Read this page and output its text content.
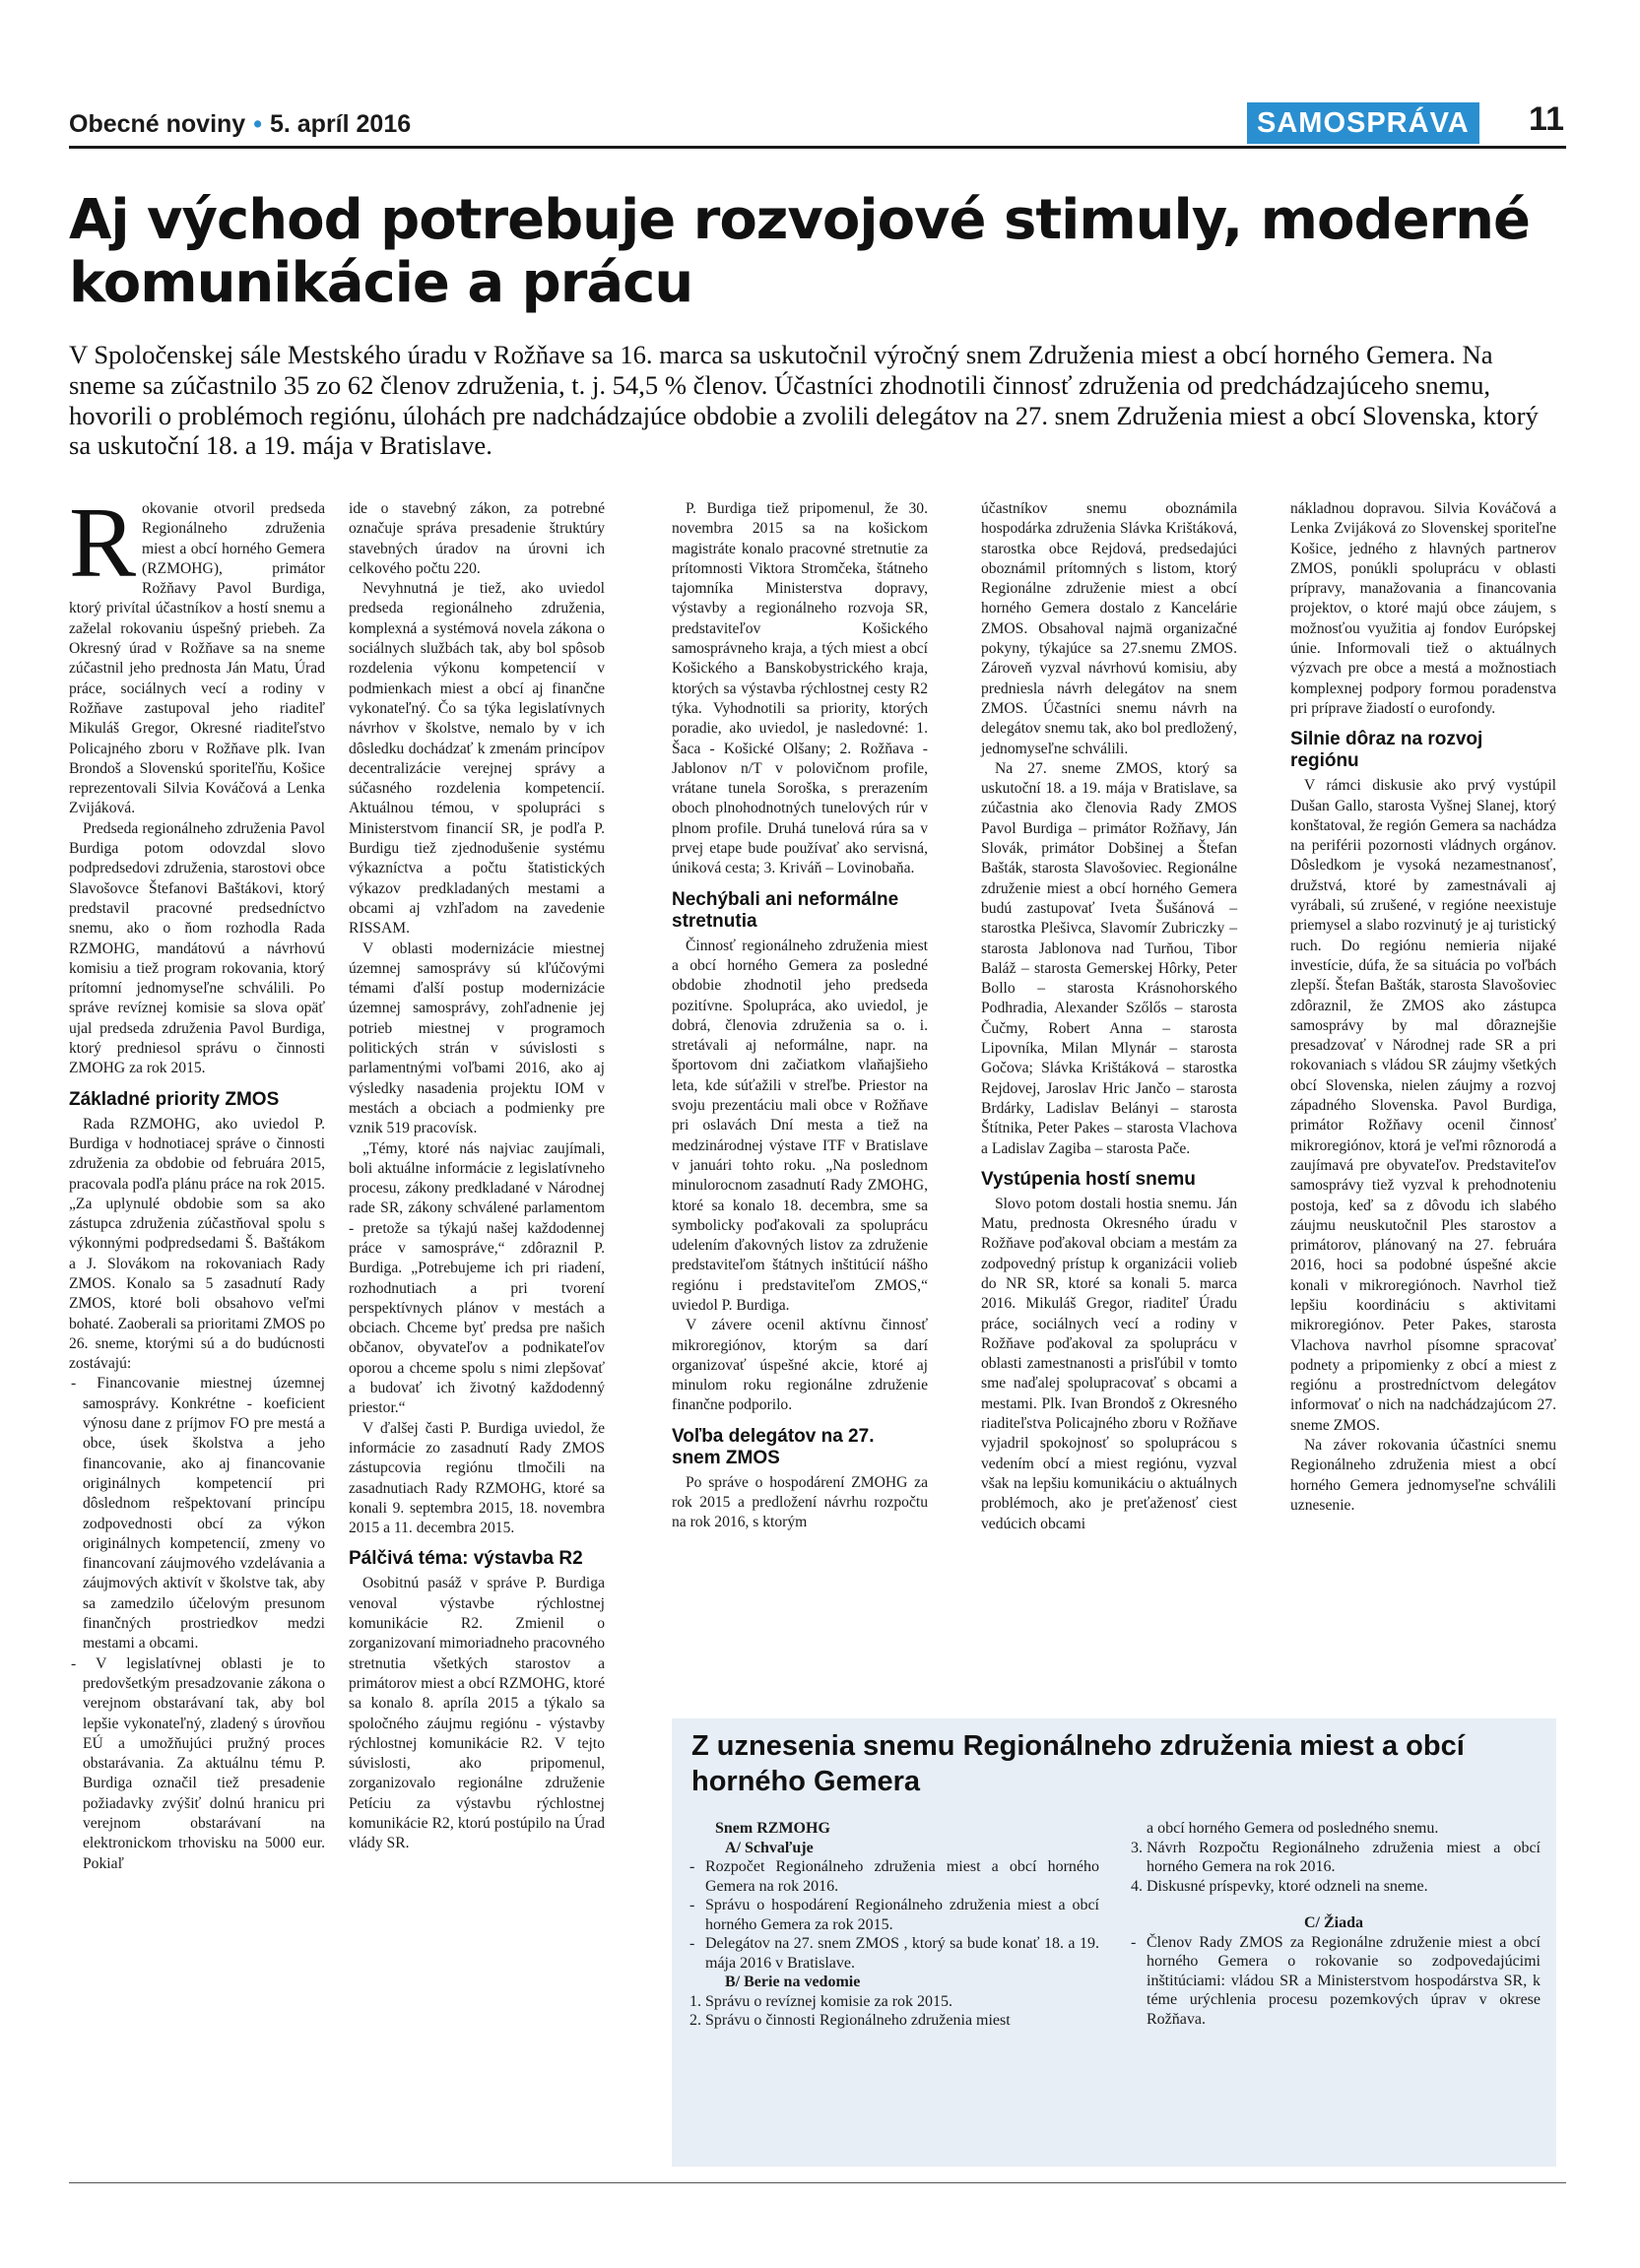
Obecné noviny • 5. apríl 2016	SAMOSPRÁVA 11
Aj východ potrebuje rozvojové stimuly, moderné komunikácie a prácu

V Spoločenskej sále Mestského úradu v Rožňave sa 16. marca sa uskutočnil výročný snem Združenia miest a obcí horného Gemera. Na sneme sa zúčastnilo 35 zo 62 členov združenia, t. j. 54,5 % členov. Účastníci zhodnotili činnosť združenia od predchádzajúceho snemu, hovorili o problémoch regiónu, úlohách pre nadchádzajúce obdobie a zvolili delegátov na 27. snem Združenia miest a obcí Slovenska, ktorý sa uskutoční 18. a 19. mája v Bratislave.

Rokovanie otvoril predseda Regionálneho združenia miest a obcí horného Gemera (RZMOHG), primátor Rožňavy Pavol Burdiga, ktorý privítal účastníkov a hostí snemu a zaželal rokovaniu úspešný priebeh. Za Okresný úrad v Rožňave sa na sneme zúčastnil jeho prednosta Ján Matu, Úrad práce, sociálnych vecí a rodiny v Rožňave zastupoval jeho riaditeľ Mikuláš Gregor, Okresné riaditeľstvo Policajného zboru v Rožňave plk. Ivan Brondoš a Slovenskú sporiteľňu, Košice reprezentovali Silvia Kováčová a Lenka Zvijáková.

Predseda regionálneho združenia Pavol Burdiga potom odovzdal slovo podpredsedovi združenia, starostovi obce Slavošovce Štefanovi Baštákovi, ktorý predstavil pracovné predsedníctvo snemu, ako o ňom rozhodla Rada RZMOHG, mandátovú a návrhovú komisiu a tiež program rokovania, ktorý prítomní jednomyseľne schválili. Po správe revíznej komisie sa slova opäť ujal predseda združenia Pavol Burdiga, ktorý predniesol správu o činnosti ZMOHG za rok 2015.

Základné priority ZMOS

Rada RZMOHG, ako uviedol P. Burdiga v hodnotiacej správe o činnosti združenia za obdobie od februára 2015, pracovala podľa plánu práce na rok 2015. „Za uplynulé obdobie som sa ako zástupca združenia zúčastňoval spolu s výkonnými podpredsedami Š. Baštákom a J. Slovákom na rokovaniach Rady ZMOS. Konalo sa 5 zasadnutí Rady ZMOS, ktoré boli obsahovo veľmi bohaté. Zaoberali sa prioritami ZMOS po 26. sneme, ktorými sú a do budúcnosti zostávajú:

- Financovanie miestnej územnej samosprávy. Konkrétne - koeficient výnosu dane z príjmov FO pre mestá a obce, úsek školstva a jeho financovanie, ako aj financovanie originálnych kompetencií pri dôslednom rešpektovaní princípu zodpovednosti obcí za výkon originálnych kompetencií, zmeny vo financovaní záujmového vzdelávania a záujmových aktivít v školstve tak, aby sa zamedzilo účelovým presunom finančných prostriedkov medzi mestami a obcami.
- V legislatívnej oblasti je to predovšetkým presadzovanie zákona o verejnom obstarávaní tak, aby bol lepšie vykonateľný, zladený s úrovňou EÚ a umožňujúci pružný proces obstarávania. Za aktuálnu tému P. Burdiga označil tiež presadenie požiadavky zvýšiť dolnú hranicu pri verejnom obstarávaní na elektronickom trhovisku na 5000 eur. Pokiaľ

ide o stavebný zákon, za potrebné označuje správa presadenie štruktúry stavebných úradov na úrovni ich celkového počtu 220.

Nevyhnutná je tiež, ako uviedol predseda regionálneho združenia, komplexná a systémová novela zákona o sociálnych službách tak, aby bol spôsob rozdelenia výkonu kompetencií v podmienkach miest a obcí aj finančne vykonateľný. Čo sa týka legislatívnych návrhov v školstve, nemalo by v ich dôsledku dochádzať k zmenám princípov decentralizácie verejnej správy a súčasného rozdelenia kompetencií. Aktuálnou témou, v spolupráci s Ministerstvom financií SR, je podľa P. Burdigu tiež zjednodušenie systému výkazníctva a počtu štatistických výkazov predkladaných mestami a obcami aj vzhľadom na zavedenie RISSAM.

V oblasti modernizácie miestnej územnej samosprávy sú kľúčovými témami ďalší postup modernizácie územnej samosprávy, zohľadnenie jej potrieb miestnej v programoch politických strán v súvislosti s parlamentnými voľbami 2016, ako aj výsledky nasadenia projektu IOM v mestách a obciach a podmienky pre vznik 519 pracovísk.

„Témy, ktoré nás najviac zaujímali, boli aktuálne informácie z legislatívneho procesu, zákony predkladané v Národnej rade SR, zákony schválené parlamentom - pretože sa týkajú našej každodennej práce v samospráve,“ zdôraznil P. Burdiga. „Potrebujeme ich pri riadení, rozhodnutiach a pri tvorení perspektívnych plánov v mestách a obciach. Chceme byť predsa pre našich občanov, obyvateľov a podnikateľov oporou a chceme spolu s nimi zlepšovať a budovať ich životný každodenný priestor.“

V ďalšej časti P. Burdiga uviedol, že informácie zo zasadnutí Rady ZMOS zástupcovia regiónu tlmočili na zasadnutiach Rady RZMOHG, ktoré sa konali 9. septembra 2015, 18. novembra 2015 a 11. decembra 2015.

Pálčivá téma: výstavba R2

Osobitnú pasáž v správe P. Burdiga venoval výstavbe rýchlostnej komunikácie R2. Zmienil o zorganizovaní mimoriadneho pracovného stretnutia všetkých starostov a primátorov miest a obcí RZMOHG, ktoré sa konalo 8. apríla 2015 a týkalo sa spoločného záujmu regiónu - výstavby rýchlostnej komunikácie R2. V tejto súvislosti, ako pripomenul, zorganizovalo regionálne združenie Petíciu za výstavbu rýchlostnej komunikácie R2, ktorú postúpilo na Úrad vlády SR.

P. Burdiga tiež pripomenul, že 30. novembra 2015 sa na košickom magistráte konalo pracovné stretnutie za prítomnosti Viktora Stromčeka, štátneho tajomníka Ministerstva dopravy, výstavby a regionálneho rozvoja SR, predstaviteľov Košického samosprávneho kraja, a tých miest a obcí Košického a Banskobystrického kraja, ktorých sa výstavba rýchlostnej cesty R2 týka. Vyhodnotili sa priority, ktorých poradie, ako uviedol, je nasledovné: 1. Šaca - Košické Olšany; 2. Rožňava - Jablonov n/T v polovičnom profile, vrátane tunela Soroška, s prerazením oboch plnohodnotných tunelových rúr v plnom profile. Druhá tunelová rúra sa v prvej etape bude používať ako servisná, úniková cesta; 3. Kriváň – Lovinobaňa.

Nechýbali ani neformálne stretnutia

Činnosť regionálneho združenia miest a obcí horného Gemera za posledné obdobie zhodnotil jeho predseda pozitívne. Spolupráca, ako uviedol, je dobrá, členovia združenia sa o. i. stretávali aj neformálne, napr. na športovom dni začiatkom vlaňajšieho leta, kde súťažili v streľbe. Priestor na svoju prezentáciu mali obce v Rožňave pri oslavách Dní mesta a tiež na medzinárodnej výstave ITF v Bratislave v januári tohto roku. „Na poslednom minulorocnom zasadnutí Rady ZMOHG, ktoré sa konalo 18. decembra, sme sa symbolicky poďakovali za spoluprácu udelením ďakovných listov za združenie predstaviteľom štátnych inštitúcií nášho regiónu i predstaviteľom ZMOS,“ uviedol P. Burdiga.

V závere ocenil aktívnu činnosť mikroregiónov, ktorým sa darí organizovať úspešné akcie, ktoré aj minulom roku regionálne združenie finančne podporilo.

Voľba delegátov na 27. snem ZMOS

Po správe o hospodárení ZMOHG za rok 2015 a predložení návrhu rozpočtu na rok 2016, s ktorým

účastníkov snemu oboznámila hospodárka združenia Slávka Krištáková, starostka obce Rejdová, predsedajúci oboznámil prítomných s listom, ktorý Regionálne združenie miest a obcí horného Gemera dostalo z Kancelárie ZMOS. Obsahoval najmä organizačné pokyny, týkajúce sa 27.snemu ZMOS. Zároveň vyzval návrhovú komisiu, aby predniesla návrh delegátov na snem ZMOS. Účastníci snemu návrh na delegátov snemu tak, ako bol predložený, jednomyseľne schválili.

Na 27. sneme ZMOS, ktorý sa uskutoční 18. a 19. mája v Bratislave, sa zúčastnia ako členovia Rady ZMOS Pavol Burdiga – primátor Rožňavy, Ján Slovák, primátor Dobšinej a Štefan Bašták, starosta Slavošoviec. Regionálne združenie miest a obcí horného Gemera budú zastupovať Iveta Šušánová – starostka Plešivca, Slavomír Zubriczky – starosta Jablonova nad Turňou, Tibor Baláž – starosta Gemerskej Hôrky, Peter Bollo – starosta Krásnohorského Podhradia, Alexander Szőlős – starosta Čučmy, Robert Anna – starosta Lipovníka, Milan Mlynár – starosta Gočova; Slávka Krištáková – starostka Rejdovej, Jaroslav Hric Jančo – starosta Brdárky, Ladislav Belányi – starosta Štítnika, Peter Pakes – starosta Vlachova a Ladislav Zagiba – starosta Pače.

Vystúpenia hostí snemu

Slovo potom dostali hostia snemu. Ján Matu, prednosta Okresného úradu v Rožňave poďakoval obciam a mestám za zodpovedný prístup k organizácii volieb do NR SR, ktoré sa konali 5. marca 2016. Mikuláš Gregor, riaditeľ Úradu práce, sociálnych vecí a rodiny v Rožňave poďakoval za spoluprácu v oblasti zamestnanosti a prisľúbil v tomto sme naďalej spolupracovať s obcami a mestami. Plk. Ivan Brondoš z Okresného riaditeľstva Policajného zboru v Rožňave vyjadril spokojnosť so spoluprácou s vedením obcí a miest regiónu, vyzval však na lepšiu komunikáciu o aktuálnych problémoch, ako je preťaženosť ciest vedúcich obcami

nákladnou dopravou. Silvia Kováčová a Lenka Zvijáková zo Slovenskej sporiteľne Košice, jedného z hlavných partnerov ZMOS, ponúkli spoluprácu v oblasti prípravy, manažovania a financovania projektov, o ktoré majú obce záujem, s možnosťou využitia aj fondov Európskej únie. Informovali tiež o aktuálnych výzvach pre obce a mestá a možnostiach komplexnej podpory formou poradenstva pri príprave žiadostí o eurofondy.

Silnie dôraz na rozvoj regiónu

V rámci diskusie ako prvý vystúpil Dušan Gallo, starosta Vyšnej Slanej, ktorý konštatoval, že región Gemera sa nachádza na periférii pozornosti vládnych orgánov. Dôsledkom je vysoká nezamestnanosť, družstvá, ktoré by zamestnávali aj vyrábali, sú zrušené, v regióne neexistuje priemysel a slabo rozvinutý je aj turistický ruch. Do regiónu nemieria nijaké investície, dúfa, že sa situácia po voľbách zlepší. Štefan Bašták, starosta Slavošoviec zdôraznil, že ZMOS ako zástupca samosprávy by mal dôraznejšie presadzovať v Národnej rade SR a pri rokovaniach s vládou SR záujmy všetkých obcí Slovenska, nielen záujmy a rozvoj západného Slovenska. Pavol Burdiga, primátor Rožňavy ocenil činnosť mikroregiónov, ktorá je veľmi rôznorodá a zaujímavá pre obyvateľov. Predstaviteľov samosprávy tiež vyzval k prehodnoteniu postoja, keď sa z dôvodu ich slabého záujmu neuskutočnil Ples starostov a primátorov, plánovaný na 27. februára 2016, hoci sa podobné úspešné akcie konali v mikroregiónoch. Navrhol tiež lepšiu koordináciu s aktivitami mikroregiónov. Peter Pakes, starosta Vlachova navrhol písomne spracovať podnety a pripomienky z obcí a miest z regiónu a prostredníctvom delegátov informovať o nich na nadchádzajúcom 27. sneme ZMOS.

Na záver rokovania účastníci snemu Regionálneho združenia miest a obcí horného Gemera jednomyseľne schválili uznesenie.

Z uznesenia snemu Regionálneho združenia miest a obcí horného Gemera
Snem RZMOHG
A/ Schvaľuje
- Rozpočet Regionálneho združenia miest a obcí horného Gemera na rok 2016.
- Správu o hospodárení Regionálneho združenia miest a obcí horného Gemera za rok 2015.
- Delegátov na 27. snem ZMOS , ktorý sa bude konať 18. a 19. mája 2016 v Bratislave.
B/ Berie na vedomie
1. Správu o revíznej komisie za rok 2015.
2. Správu o činnosti Regionálneho združenia miest
a obcí horného Gemera od posledného snemu.
3. Návrh Rozpočtu Regionálneho združenia miest a obcí horného Gemera na rok 2016.
4. Diskusné príspevky, ktoré odzneli na sneme.
C/ Žiada
- Členov Rady ZMOS za Regionálne združenie miest a obcí horného Gemera o rokovanie so zodpovedajúcimi inštitúciami: vládou SR a Ministerstvom hospodárstva SR, k téme urýchlenia procesu pozemkových úprav v okrese Rožňava.
